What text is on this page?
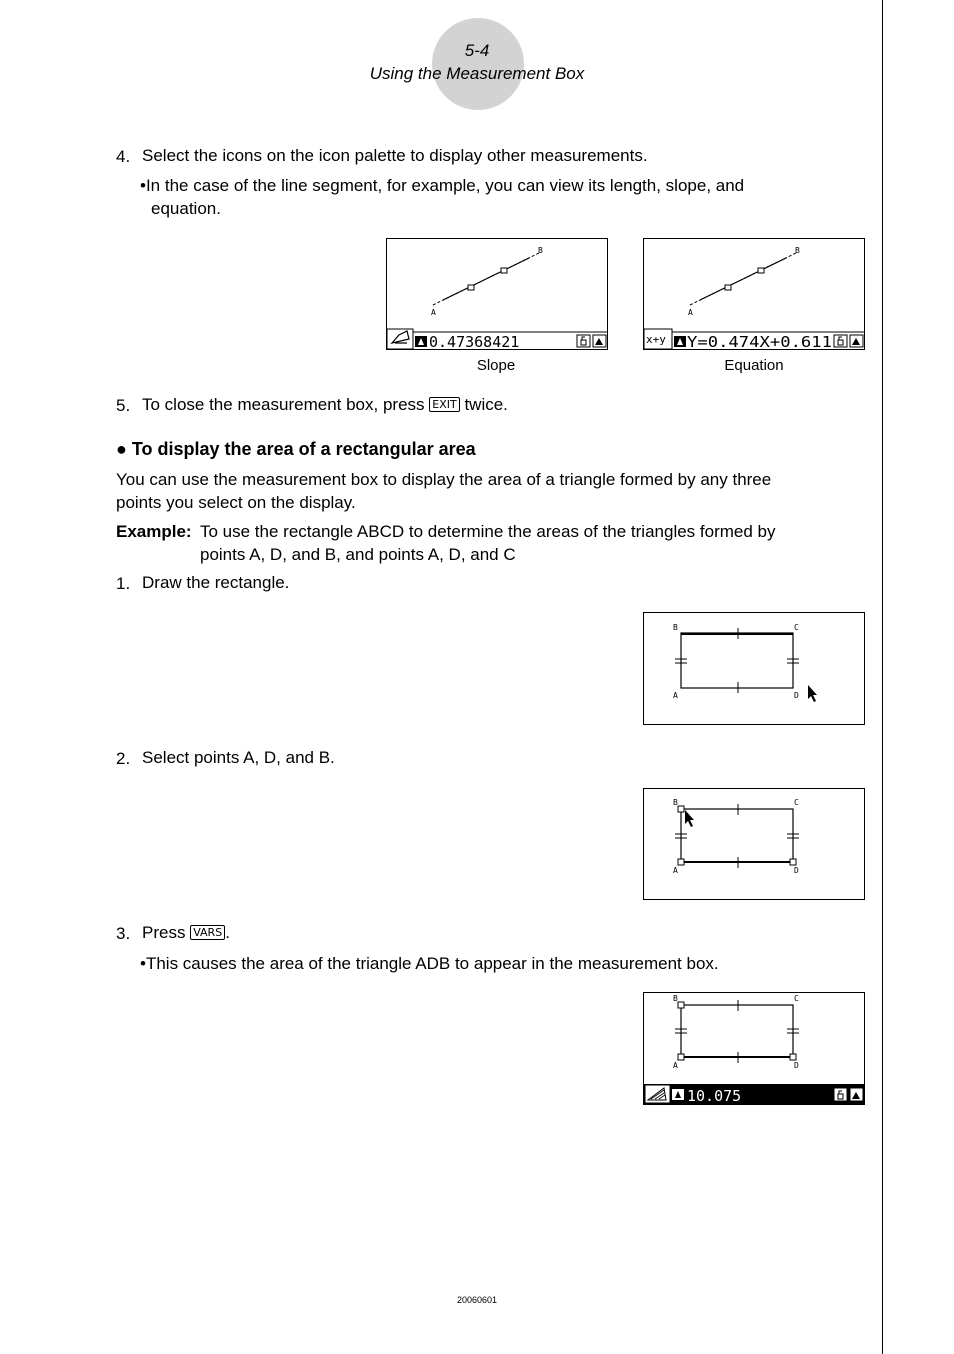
5-4
Using the Measurement Box
4. Select the icons on the icon palette to display other measurements.
•In the case of the line segment, for example, you can view its length, slope, and
equation.
A
B
0.47368421
Slope
A
B
x+y Y=0.474X+0.611
Equation
5. To close the measurement box, press EXIT twice.
● To display the area of a rectangular area
You can use the measurement box to display the area of a triangle formed by any three
points you select on the display.
Example: To use the rectangle ABCD to determine the areas of the triangles formed by
points A, D, and B, and points A, D, and C
1. Draw the rectangle.
B	C
A	D
2. Select points A, D, and B.
B	C
A	D
3. Press VARS .
•This causes the area of the triangle ADB to appear in the measurement box.
B	C
A	D
10.075
20060601
